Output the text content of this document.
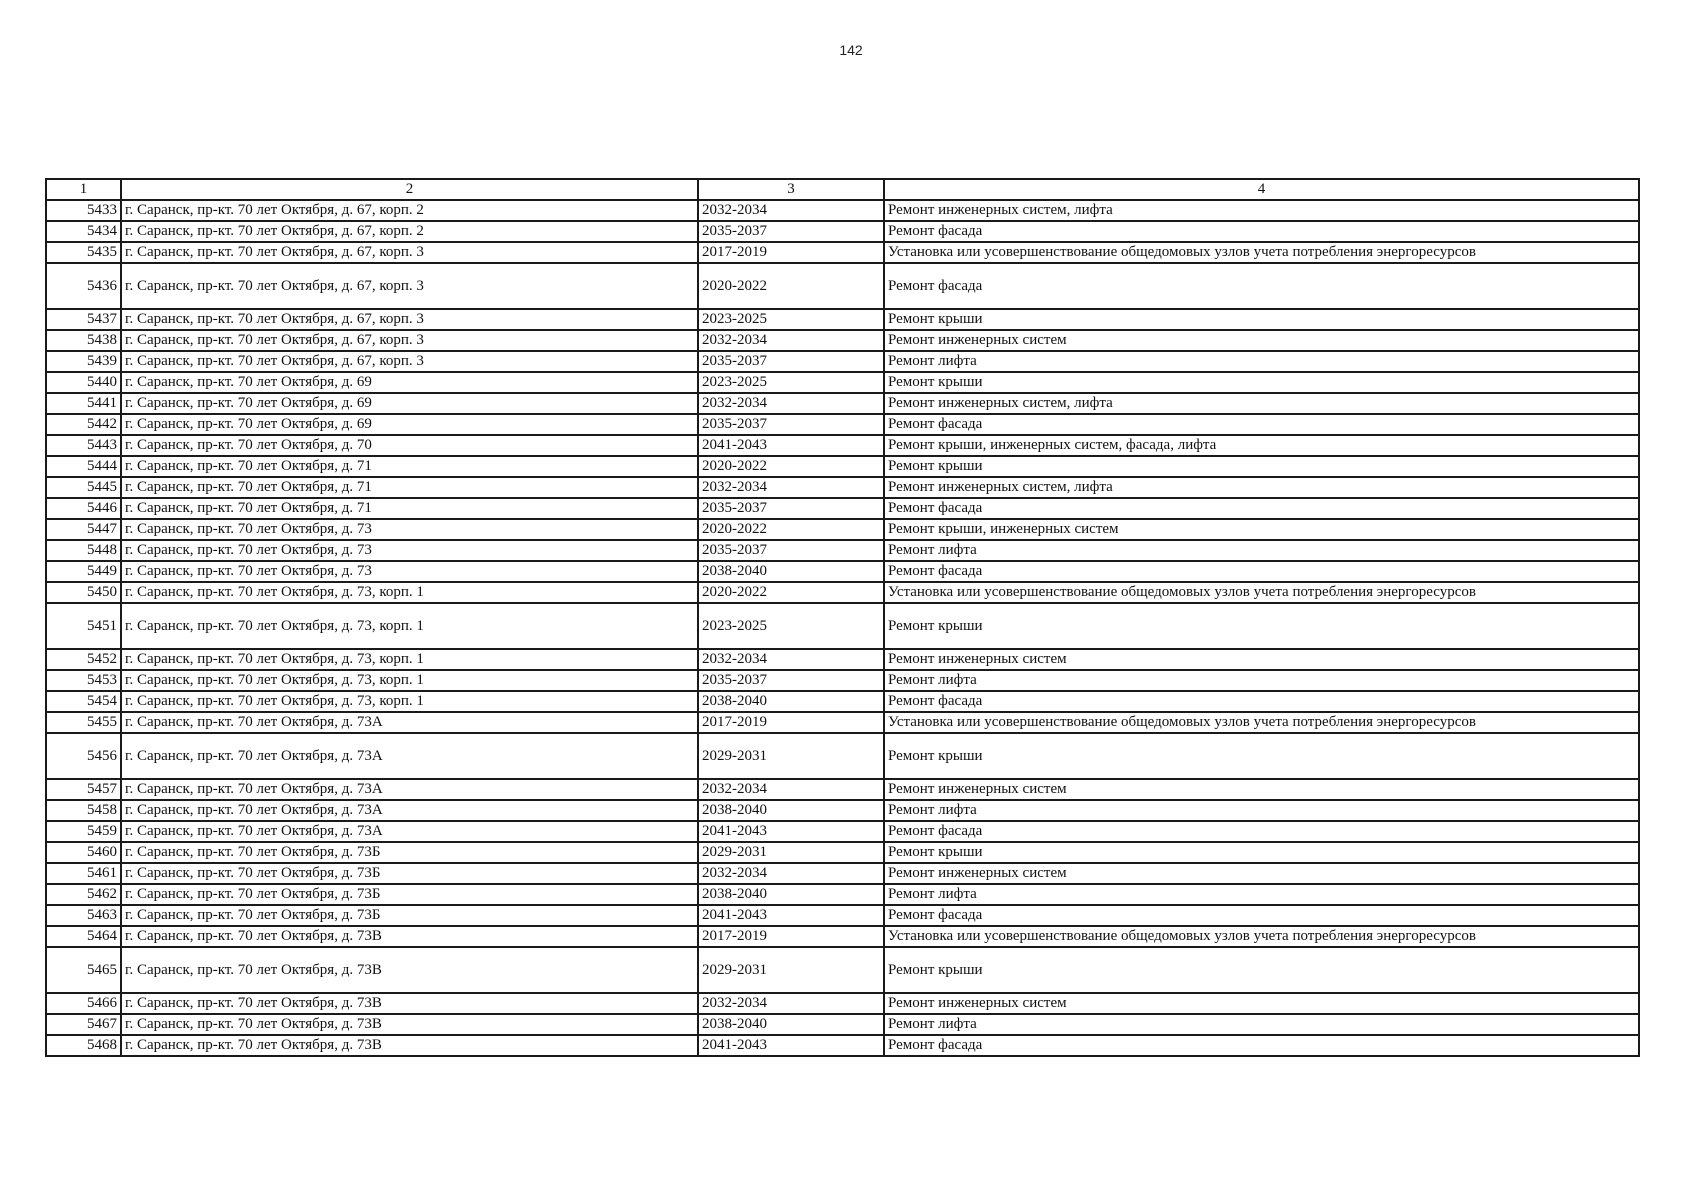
142
1	2	3	4
5433	г. Саранск, пр-кт. 70 лет Октября, д. 67, корп. 2	2032-2034	Ремонт инженерных систем, лифта
5434	г. Саранск, пр-кт. 70 лет Октября, д. 67, корп. 2	2035-2037	Ремонт фасада
5435	г. Саранск, пр-кт. 70 лет Октября, д. 67, корп. 3	2017-2019	Установка или усовершенствование общедомовых узлов учета потребления энергоресурсов
5436	г. Саранск, пр-кт. 70 лет Октября, д. 67, корп. 3	2020-2022	Ремонт фасада
5437	г. Саранск, пр-кт. 70 лет Октября, д. 67, корп. 3	2023-2025	Ремонт крыши
5438	г. Саранск, пр-кт. 70 лет Октября, д. 67, корп. 3	2032-2034	Ремонт инженерных систем
5439	г. Саранск, пр-кт. 70 лет Октября, д. 67, корп. 3	2035-2037	Ремонт лифта
5440	г. Саранск, пр-кт. 70 лет Октября, д. 69	2023-2025	Ремонт крыши
5441	г. Саранск, пр-кт. 70 лет Октября, д. 69	2032-2034	Ремонт инженерных систем, лифта
5442	г. Саранск, пр-кт. 70 лет Октября, д. 69	2035-2037	Ремонт фасада
5443	г. Саранск, пр-кт. 70 лет Октября, д. 70	2041-2043	Ремонт крыши, инженерных систем, фасада, лифта
5444	г. Саранск, пр-кт. 70 лет Октября, д. 71	2020-2022	Ремонт крыши
5445	г. Саранск, пр-кт. 70 лет Октября, д. 71	2032-2034	Ремонт инженерных систем, лифта
5446	г. Саранск, пр-кт. 70 лет Октября, д. 71	2035-2037	Ремонт фасада
5447	г. Саранск, пр-кт. 70 лет Октября, д. 73	2020-2022	Ремонт крыши, инженерных систем
5448	г. Саранск, пр-кт. 70 лет Октября, д. 73	2035-2037	Ремонт лифта
5449	г. Саранск, пр-кт. 70 лет Октября, д. 73	2038-2040	Ремонт фасада
5450	г. Саранск, пр-кт. 70 лет Октября, д. 73, корп. 1	2020-2022	Установка или усовершенствование общедомовых узлов учета потребления энергоресурсов
5451	г. Саранск, пр-кт. 70 лет Октября, д. 73, корп. 1	2023-2025	Ремонт крыши
5452	г. Саранск, пр-кт. 70 лет Октября, д. 73, корп. 1	2032-2034	Ремонт инженерных систем
5453	г. Саранск, пр-кт. 70 лет Октября, д. 73, корп. 1	2035-2037	Ремонт лифта
5454	г. Саранск, пр-кт. 70 лет Октября, д. 73, корп. 1	2038-2040	Ремонт фасада
5455	г. Саранск, пр-кт. 70 лет Октября, д. 73А	2017-2019	Установка или усовершенствование общедомовых узлов учета потребления энергоресурсов
5456	г. Саранск, пр-кт. 70 лет Октября, д. 73А	2029-2031	Ремонт крыши
5457	г. Саранск, пр-кт. 70 лет Октября, д. 73А	2032-2034	Ремонт инженерных систем
5458	г. Саранск, пр-кт. 70 лет Октября, д. 73А	2038-2040	Ремонт лифта
5459	г. Саранск, пр-кт. 70 лет Октября, д. 73А	2041-2043	Ремонт фасада
5460	г. Саранск, пр-кт. 70 лет Октября, д. 73Б	2029-2031	Ремонт крыши
5461	г. Саранск, пр-кт. 70 лет Октября, д. 73Б	2032-2034	Ремонт инженерных систем
5462	г. Саранск, пр-кт. 70 лет Октября, д. 73Б	2038-2040	Ремонт лифта
5463	г. Саранск, пр-кт. 70 лет Октября, д. 73Б	2041-2043	Ремонт фасада
5464	г. Саранск, пр-кт. 70 лет Октября, д. 73В	2017-2019	Установка или усовершенствование общедомовых узлов учета потребления энергоресурсов
5465	г. Саранск, пр-кт. 70 лет Октября, д. 73В	2029-2031	Ремонт крыши
5466	г. Саранск, пр-кт. 70 лет Октября, д. 73В	2032-2034	Ремонт инженерных систем
5467	г. Саранск, пр-кт. 70 лет Октября, д. 73В	2038-2040	Ремонт лифта
5468	г. Саранск, пр-кт. 70 лет Октября, д. 73В	2041-2043	Ремонт фасада
